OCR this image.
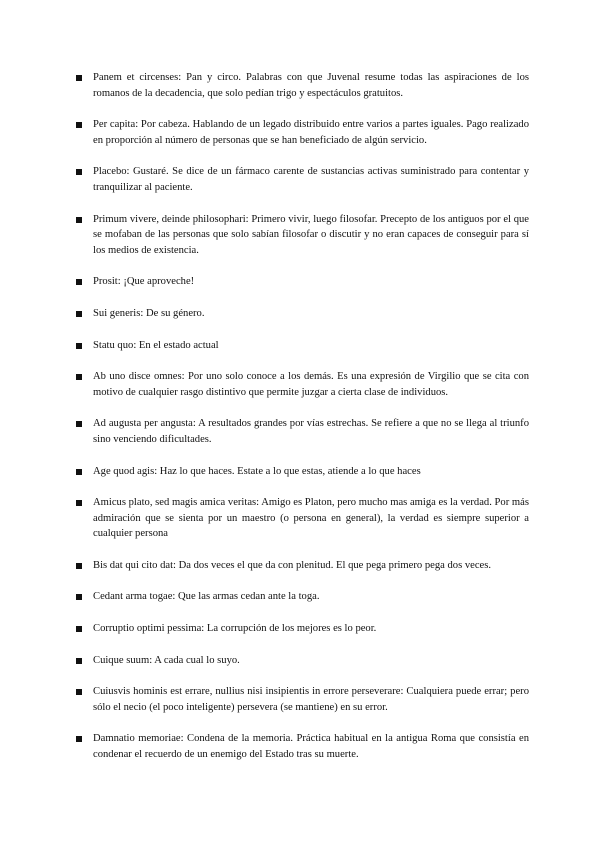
Panem et circenses: Pan y circo. Palabras con que Juvenal resume todas las aspiraciones de los romanos de la decadencia, que solo pedían trigo y espectáculos gratuitos.
Per capita: Por cabeza. Hablando de un legado distribuido entre varios a partes iguales. Pago realizado en proporción al número de personas que se han beneficiado de algún servicio.
Placebo: Gustaré. Se dice de un fármaco carente de sustancias activas suministrado para contentar y tranquilizar al paciente.
Primum vivere, deinde philosophari: Primero vivir, luego filosofar. Precepto de los antiguos por el que se mofaban de las personas que solo sabían filosofar o discutir y no eran capaces de conseguir para sí los medios de existencia.
Prosit: ¡Que aproveche!
Sui generis: De su género.
Statu quo: En el estado actual
Ab uno disce omnes: Por uno solo conoce a los demás. Es una expresión de Virgilio que se cita con motivo de cualquier rasgo distintivo que permite juzgar a cierta clase de individuos.
Ad augusta per angusta: A resultados grandes por vías estrechas. Se refiere a que no se llega al triunfo sino venciendo dificultades.
Age quod agis: Haz lo que haces. Estate a lo que estas, atiende a lo que haces
Amicus plato, sed magis amica veritas: Amigo es Platon, pero mucho mas amiga es la verdad. Por más admiración que se sienta por un maestro (o persona en general), la verdad es siempre superior a cualquier persona
Bis dat qui cito dat: Da dos veces el que da con plenitud. El que pega primero pega dos veces.
Cedant arma togae: Que las armas cedan ante la toga.
Corruptio optimi pessima: La corrupción de los mejores es lo peor.
Cuique suum: A cada cual lo suyo.
Cuiusvis hominis est errare, nullius nisi insipientis in errore perseverare: Cualquiera puede errar; pero sólo el necio (el poco inteligente) persevera (se mantiene) en su error.
Damnatio memoriae: Condena de la memoria. Práctica habitual en la antigua Roma que consistía en condenar el recuerdo de un enemigo del Estado tras su muerte.
